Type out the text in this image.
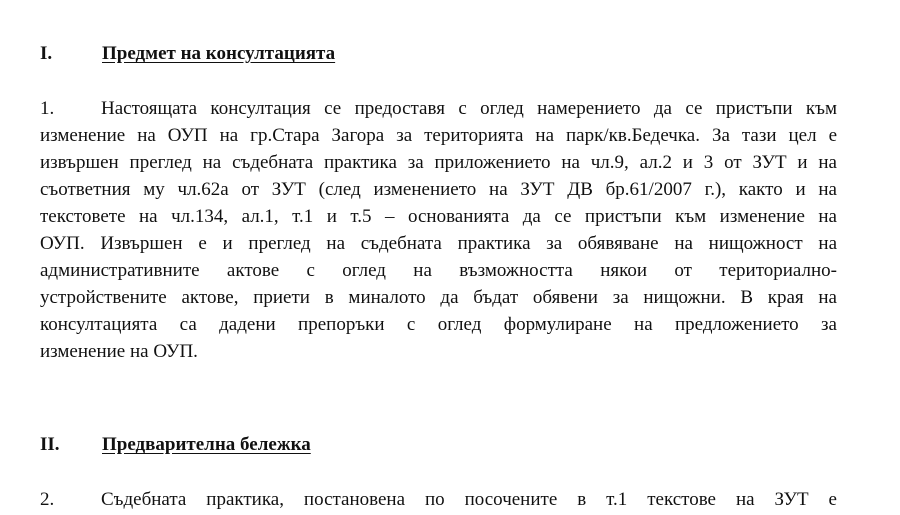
I.	Предмет на консултацията
1. Настоящата консултация се предоставя с оглед намерението да се пристъпи към
изменение на ОУП на гр.Стара Загора за територията на парк/кв.Бедечка. За тази цел е
извършен преглед на съдебната практика за приложението на чл.9, ал.2 и 3 от ЗУТ и на
съответния му чл.62а от ЗУТ (след изменението на ЗУТ ДВ бр.61/2007 г.), както и на
текстовете на чл.134, ал.1, т.1 и т.5 – основанията да се пристъпи към изменение на
ОУП. Извършен е и преглед на съдебната практика за обявяване на нищожност на
административните актове с оглед на възможността някои от териториално-
устройствените актове, приети в миналото да бъдат обявени за нищожни. В края на
консултацията са дадени препоръки с оглед формулиране на предложението за
изменение на ОУП.
II. Предварителна бележка
2. Съдебната практика, постановена по посочените в т.1 текстове на ЗУТ е
